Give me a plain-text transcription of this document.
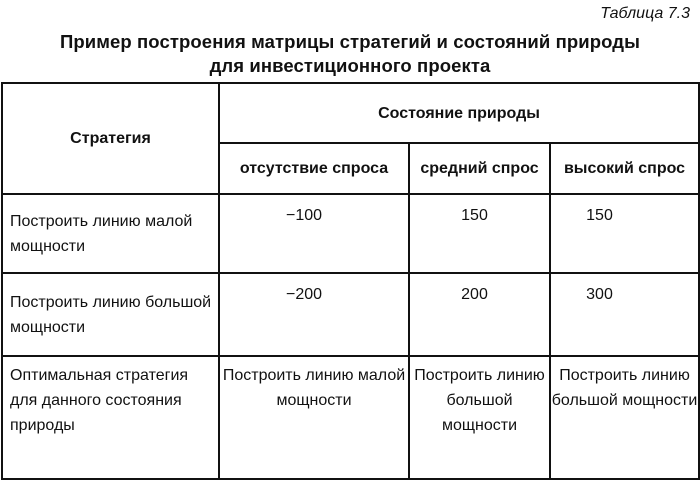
Таблица 7.3
Пример построения матрицы стратегий и состояний природы
для инвестиционного проекта
Стратегия	Состояние природы		
	отсутствие спроса	средний спрос	высокий спрос
Построить линию малой мощности	−100	150	150
Построить линию большой мощности	−200	200	300
Оптимальная стратегия для данного состояния природы	Построить линию малой мощности	Построить линию большой мощности	Построить линию большой мощности
